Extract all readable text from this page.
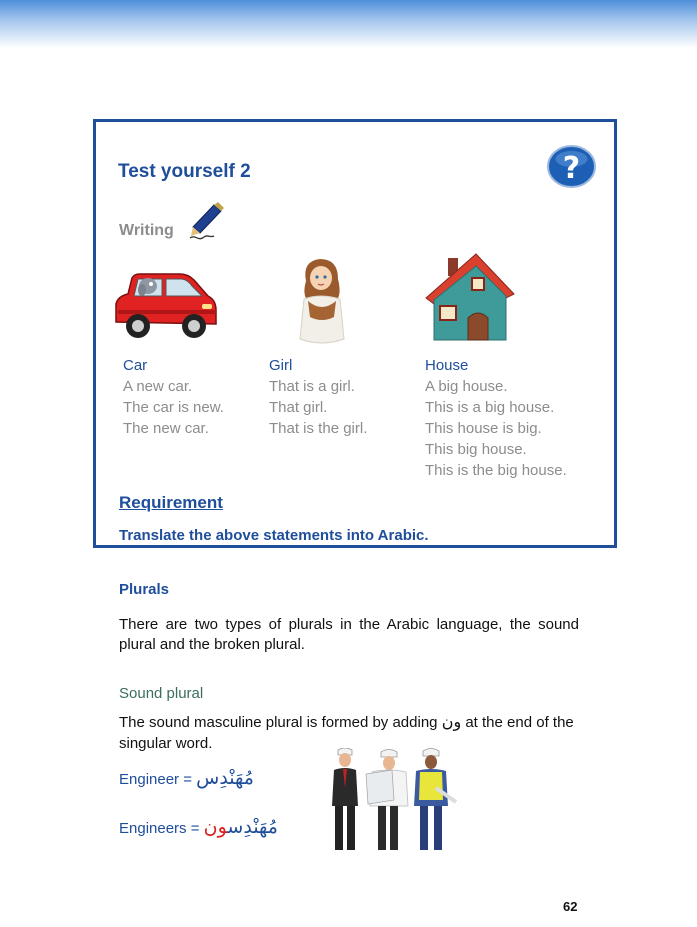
Test yourself 2	?
Writing
Car
A new car.
The car is new.
The new car.
Girl
That is a girl.
That girl.
That is the girl.
House
A big house.
This is a big house.
This house is big.
This big house.
This is the big house.
Requirement
Translate the above statements into Arabic.
Plurals
There are two types of plurals in the Arabic language, the sound plural and the broken plural.
Sound plural
The sound masculine plural is formed by adding ون at the end of the singular word.
Engineer = مُهَنْدِس
Engineers = مُهَنْدِسون
62
